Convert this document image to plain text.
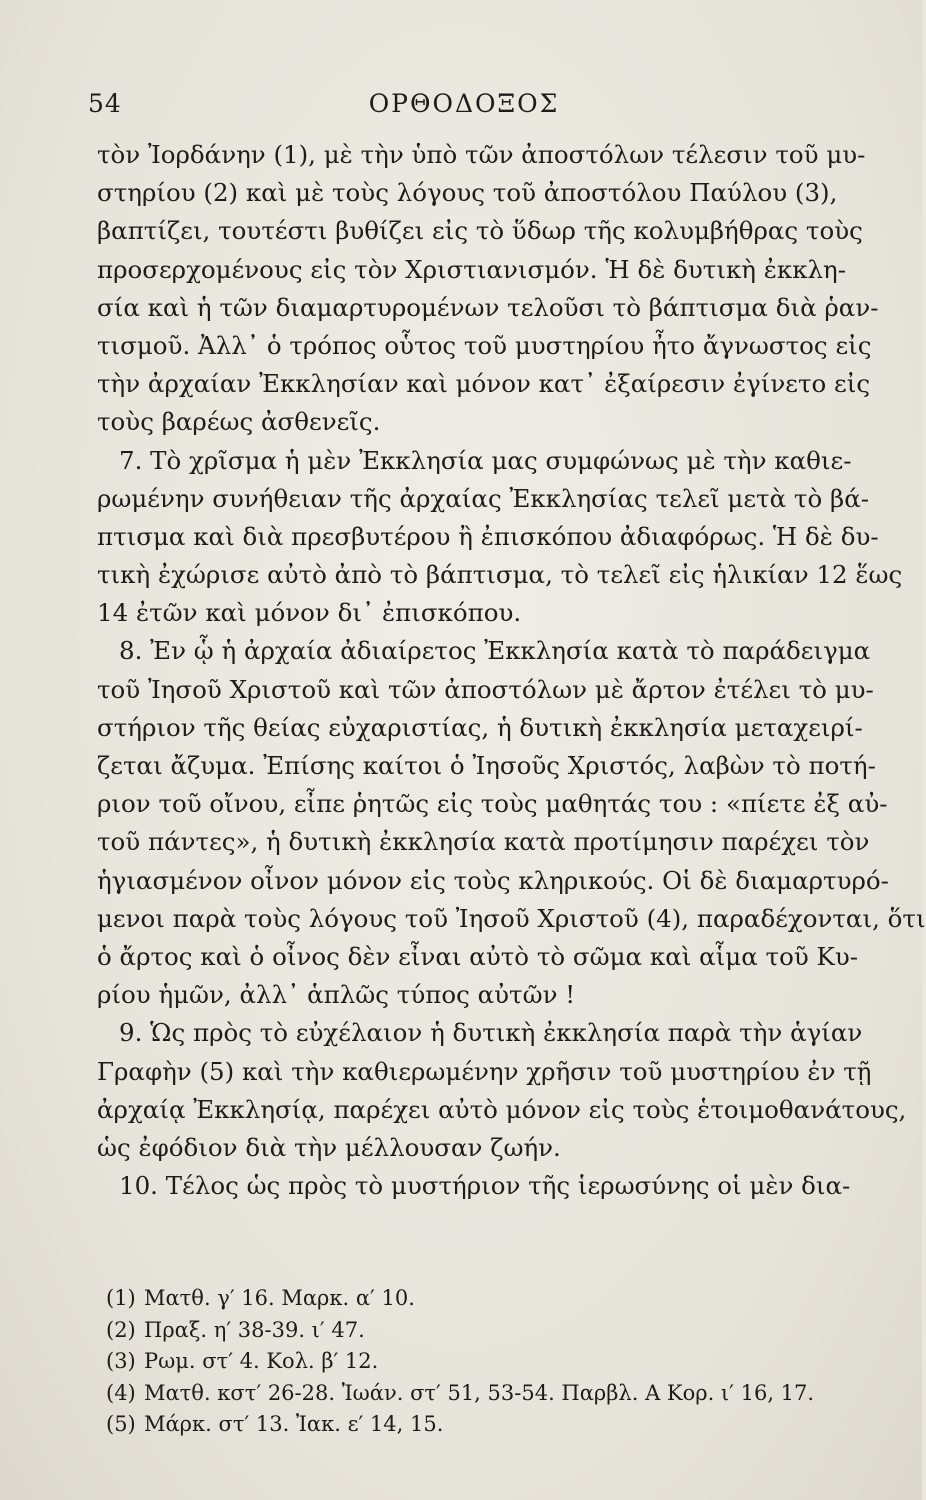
54	ΟΡΘΟΔΟΞΟΣ
τὸν Ἰορδάνην (1), μὲ τὴν ὑπὸ τῶν ἀποστόλων τέλεσιν τοῦ μυ-
στηρίου (2) καὶ μὲ τοὺς λόγους τοῦ ἀποστόλου Παύλου (3),
βαπτίζει, τουτέστι βυθίζει εἰς τὸ ὕδωρ τῆς κολυμβήθρας τοὺς
προσερχομένους εἰς τὸν Χριστιανισμόν. Ἡ δὲ δυτικὴ ἐκκλη-
σία καὶ ἡ τῶν διαμαρτυρομένων τελοῦσι τὸ βάπτισμα διὰ ῥαν-
τισμοῦ. Ἀλλ᾽ ὁ τρόπος οὗτος τοῦ μυστηρίου ἦτο ἄγνωστος εἰς
τὴν ἀρχαίαν Ἐκκλησίαν καὶ μόνον κατ᾽ ἐξαίρεσιν ἐγίνετο εἰς
τοὺς βαρέως ἀσθενεῖς.
7. Τὸ χρῖσμα ἡ μὲν Ἐκκλησία μας συμφώνως μὲ τὴν καθιε-
ρωμένην συνήθειαν τῆς ἀρχαίας Ἐκκλησίας τελεῖ μετὰ τὸ βά-
πτισμα καὶ διὰ πρεσβυτέρου ἢ ἐπισκόπου ἀδιαφόρως. Ἡ δὲ δυ-
τικὴ ἐχώρισε αὐτὸ ἀπὸ τὸ βάπτισμα, τὸ τελεῖ εἰς ἡλικίαν 12 ἕως
14 ἐτῶν καὶ μόνον δι᾽ ἐπισκόπου.
8. Ἐν ᾧ ἡ ἀρχαία ἀδιαίρετος Ἐκκλησία κατὰ τὸ παράδειγμα
τοῦ Ἰησοῦ Χριστοῦ καὶ τῶν ἀποστόλων μὲ ἄρτον ἐτέλει τὸ μυ-
στήριον τῆς θείας εὐχαριστίας, ἡ δυτικὴ ἐκκλησία μεταχειρί-
ζεται ἄζυμα. Ἐπίσης καίτοι ὁ Ἰησοῦς Χριστός, λαβὼν τὸ ποτή-
ριον τοῦ οἴνου, εἶπε ῥητῶς εἰς τοὺς μαθητάς του : «πίετε ἐξ αὐ-
τοῦ πάντες», ἡ δυτικὴ ἐκκλησία κατὰ προτίμησιν παρέχει τὸν
ἡγιασμένον οἶνον μόνον εἰς τοὺς κληρικούς. Οἱ δὲ διαμαρτυρό-
μενοι παρὰ τοὺς λόγους τοῦ Ἰησοῦ Χριστοῦ (4), παραδέχονται, ὅτι
ὁ ἄρτος καὶ ὁ οἶνος δὲν εἶναι αὐτὸ τὸ σῶμα καὶ αἷμα τοῦ Κυ-
ρίου ἡμῶν, ἀλλ᾽ ἁπλῶς τύπος αὐτῶν !
9. Ὡς πρὸς τὸ εὐχέλαιον ἡ δυτικὴ ἐκκλησία παρὰ τὴν ἁγίαν
Γραφὴν (5) καὶ τὴν καθιερωμένην χρῆσιν τοῦ μυστηρίου ἐν τῇ
ἀρχαίᾳ Ἐκκλησίᾳ, παρέχει αὐτὸ μόνον εἰς τοὺς ἑτοιμοθανάτους,
ὡς ἐφόδιον διὰ τὴν μέλλουσαν ζωήν.
10. Τέλος ὡς πρὸς τὸ μυστήριον τῆς ἱερωσύνης οἱ μὲν δια-
(1) Ματθ. γ′ 16. Μαρκ. α′ 10.
(2) Πραξ. η′ 38-39. ι′ 47.
(3) Ρωμ. στ′ 4. Κολ. β′ 12.
(4) Ματθ. κστ′ 26-28. Ἰωάν. στ′ 51, 53-54. Παρβλ. Α Κορ. ι′ 16, 17.
(5) Μάρκ. στ′ 13. Ἰακ. ε′ 14, 15.
